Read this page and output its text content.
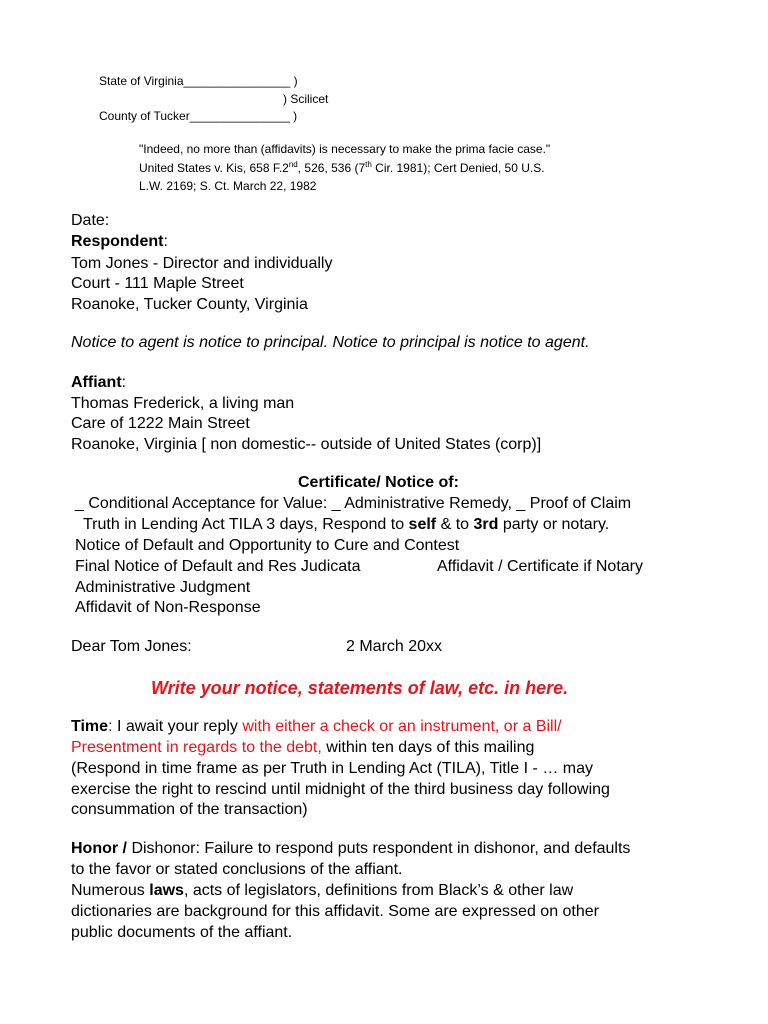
State of Virginia________________ )
) Scilicet
County of Tucker_______________ )
"Indeed, no more than (affidavits) is necessary to make the prima facie case."
United States v. Kis, 658 F.2nd, 526, 536 (7th Cir. 1981); Cert Denied, 50 U.S.
L.W. 2169; S. Ct. March 22, 1982
Date:
Respondent:
Tom Jones - Director and individually
Court - 111 Maple Street
Roanoke, Tucker County, Virginia
Notice to agent is notice to principal. Notice to principal is notice to agent.
Affiant:
Thomas Frederick, a living man
Care of 1222 Main Street
Roanoke, Virginia [ non domestic-- outside of United States (corp)]
Certificate/ Notice of:
_ Conditional Acceptance for Value: _ Administrative Remedy, _ Proof of Claim
Truth in Lending Act TILA 3 days, Respond to self & to 3rd party or notary.
Notice of Default and Opportunity to Cure and Contest
Final Notice of Default and Res Judicata	Affidavit / Certificate if Notary
Administrative Judgment
Affidavit of Non-Response
Dear Tom Jones:	2 March 20xx
Write your notice, statements of law, etc. in here.
Time: I await your reply with either a check or an instrument, or a Bill/
Presentment in regards to the debt, within ten days of this mailing
(Respond in time frame as per Truth in Lending Act (TILA), Title I - … may
exercise the right to rescind until midnight of the third business day following
consummation of the transaction)
Honor / Dishonor: Failure to respond puts respondent in dishonor, and defaults
to the favor or stated conclusions of the affiant.
Numerous laws, acts of legislators, definitions from Black’s & other law
dictionaries are background for this affidavit. Some are expressed on other
public documents of the affiant.
